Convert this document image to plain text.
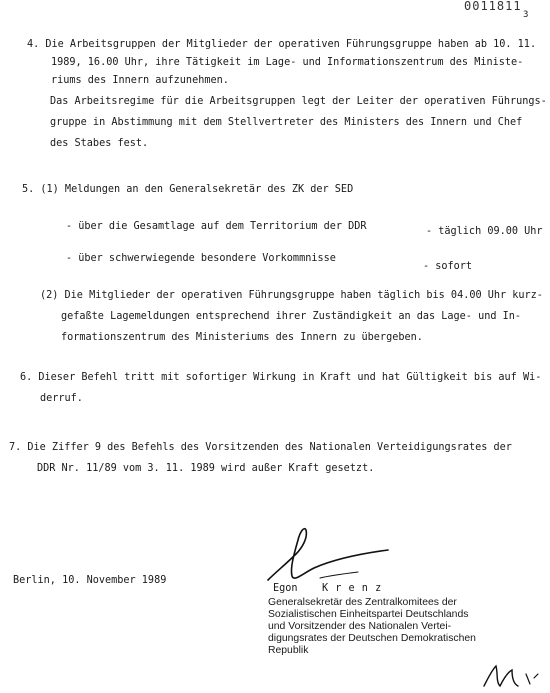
0011811
3
4. Die Arbeitsgruppen der Mitglieder der operativen Führungsgruppe haben ab 10. 11.
1989, 16.00 Uhr, ihre Tätigkeit im Lage- und Informationszentrum des Ministe-
riums des Innern aufzunehmen.
Das Arbeitsregime für die Arbeitsgruppen legt der Leiter der operativen Führungs-
gruppe in Abstimmung mit dem Stellvertreter des Ministers des Innern und Chef
des Stabes fest.
5. (1) Meldungen an den Generalsekretär des ZK der SED
- über die Gesamtlage auf dem Territorium der DDR	- täglich 09.00 Uhr
- über schwerwiegende besondere Vorkommnisse
- sofort
(2) Die Mitglieder der operativen Führungsgruppe haben täglich bis 04.00 Uhr kurz-
gefaßte Lagemeldungen entsprechend ihrer Zuständigkeit an das Lage- und In-
formationszentrum des Ministeriums des Innern zu übergeben.
6. Dieser Befehl tritt mit sofortiger Wirkung in Kraft und hat Gültigkeit bis auf Wi-
derruf.
7. Die Ziffer 9 des Befehls des Vorsitzenden des Nationalen Verteidigungsrates der
DDR Nr. 11/89 vom 3. 11. 1989 wird außer Kraft gesetzt.
Berlin, 10. November 1989
Egon K r e n z
Generalsekretär des Zentralkomitees der
Sozialistischen Einheitspartei Deutschlands
und Vorsitzender des Nationalen Vertei-
digungsrates der Deutschen Demokratischen
Republik
